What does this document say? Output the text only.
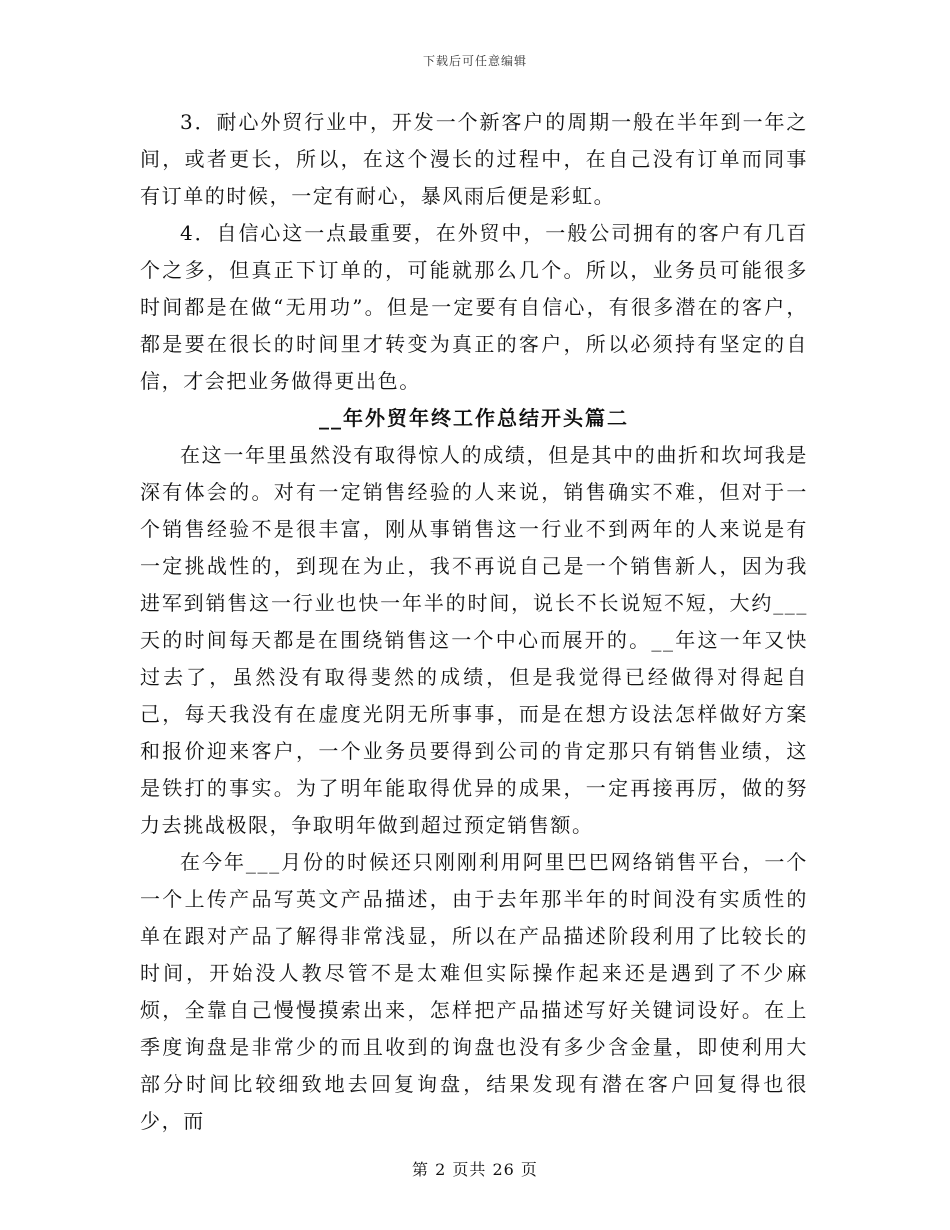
下载后可任意编辑

3．耐心外贸行业中，开发一个新客户的周期一般在半年到一年之间，或者更长，所以，在这个漫长的过程中，在自己没有订单而同事有订单的时候，一定有耐心，暴风雨后便是彩虹。

4．自信心这一点最重要，在外贸中，一般公司拥有的客户有几百个之多，但真正下订单的，可能就那么几个。所以，业务员可能很多时间都是在做“无用功”。但是一定要有自信心，有很多潜在的客户，都是要在很长的时间里才转变为真正的客户，所以必须持有坚定的自信，才会把业务做得更出色。

__年外贸年终工作总结开头篇二

在这一年里虽然没有取得惊人的成绩，但是其中的曲折和坎坷我是深有体会的。对有一定销售经验的人来说，销售确实不难，但对于一个销售经验不是很丰富，刚从事销售这一行业不到两年的人来说是有一定挑战性的，到现在为止，我不再说自己是一个销售新人，因为我进军到销售这一行业也快一年半的时间，说长不长说短不短，大约___天的时间每天都是在围绕销售这一个中心而展开的。__年这一年又快过去了，虽然没有取得斐然的成绩，但是我觉得已经做得对得起自己，每天我没有在虚度光阴无所事事，而是在想方设法怎样做好方案和报价迎来客户，一个业务员要得到公司的肯定那只有销售业绩，这是铁打的事实。为了明年能取得优异的成果，一定再接再厉，做的努力去挑战极限，争取明年做到超过预定销售额。

在今年___月份的时候还只刚刚利用阿里巴巴网络销售平台，一个一个上传产品写英文产品描述，由于去年那半年的时间没有实质性的单在跟对产品了解得非常浅显，所以在产品描述阶段利用了比较长的时间，开始没人教尽管不是太难但实际操作起来还是遇到了不少麻烦，全靠自己慢慢摸索出来，怎样把产品描述写好关键词设好。在上季度询盘是非常少的而且收到的询盘也没有多少含金量，即使利用大部分时间比较细致地去回复询盘，结果发现有潜在客户回复得也很少，而

第 2 页共 26 页
